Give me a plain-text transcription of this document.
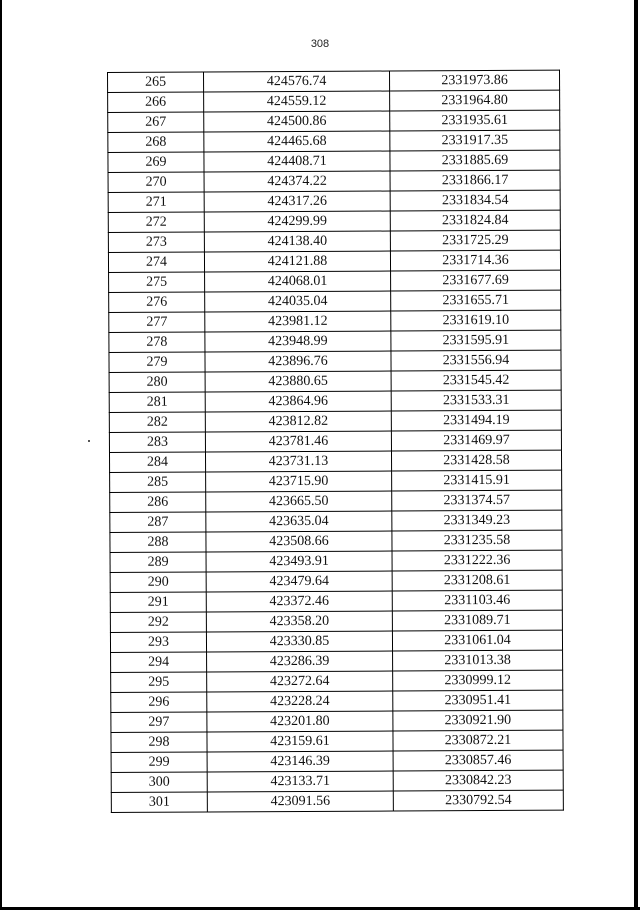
308
265	424576.74	2331973.86
266	424559.12	2331964.80
267	424500.86	2331935.61
268	424465.68	2331917.35
269	424408.71	2331885.69
270	424374.22	2331866.17
271	424317.26	2331834.54
272	424299.99	2331824.84
273	424138.40	2331725.29
274	424121.88	2331714.36
275	424068.01	2331677.69
276	424035.04	2331655.71
277	423981.12	2331619.10
278	423948.99	2331595.91
279	423896.76	2331556.94
280	423880.65	2331545.42
281	423864.96	2331533.31
282	423812.82	2331494.19
283	423781.46	2331469.97
284	423731.13	2331428.58
285	423715.90	2331415.91
286	423665.50	2331374.57
287	423635.04	2331349.23
288	423508.66	2331235.58
289	423493.91	2331222.36
290	423479.64	2331208.61
291	423372.46	2331103.46
292	423358.20	2331089.71
293	423330.85	2331061.04
294	423286.39	2331013.38
295	423272.64	2330999.12
296	423228.24	2330951.41
297	423201.80	2330921.90
298	423159.61	2330872.21
299	423146.39	2330857.46
300	423133.71	2330842.23
301	423091.56	2330792.54
